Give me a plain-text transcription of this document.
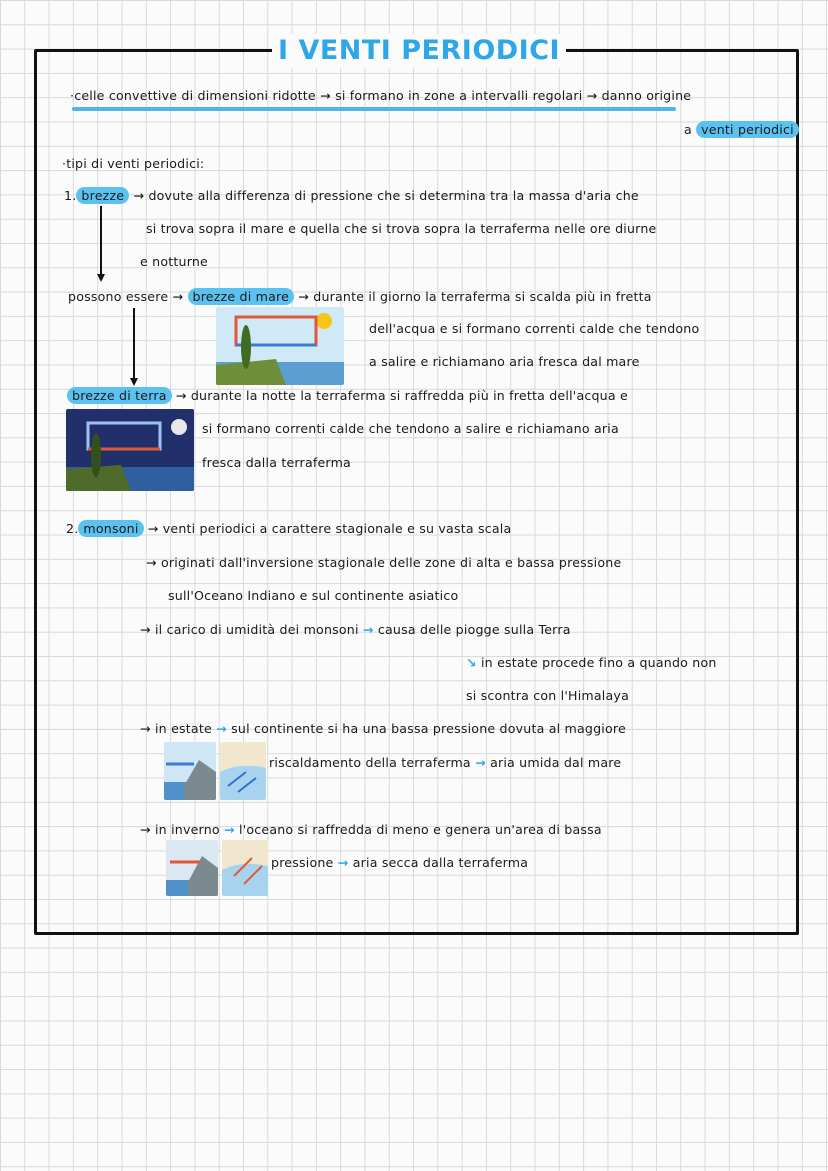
I VENTI PERIODICI
·celle convettive di dimensioni ridotte → si formano in zone a intervalli regolari → danno origine
a venti periodici
·tipi di venti periodici:
1. brezze → dovute alla differenza di pressione che si determina tra la massa d'aria che
si trova sopra il mare e quella che si trova sopra la terraferma nelle ore diurne
e notturne
possono essere → brezze di mare → durante il giorno la terraferma si scalda più in fretta
dell'acqua e si formano correnti calde che tendono
a salire e richiamano aria fresca dal mare
brezze di terra → durante la notte la terraferma si raffredda più in fretta dell'acqua e
si formano correnti calde che tendono a salire e richiamano aria
fresca dalla terraferma
2. monsoni → venti periodici a carattere stagionale e su vasta scala
→ originati dall'inversione stagionale delle zone di alta e bassa pressione
sull'Oceano Indiano e sul continente asiatico
→ il carico di umidità dei monsoni → causa delle piogge sulla Terra
↘ in estate procede fino a quando non
si scontra con l'Himalaya
→ in estate → sul continente si ha una bassa pressione dovuta al maggiore
riscaldamento della terraferma → aria umida dal mare
→ in inverno → l'oceano si raffredda di meno e genera un'area di bassa
pressione → aria secca dalla terraferma
